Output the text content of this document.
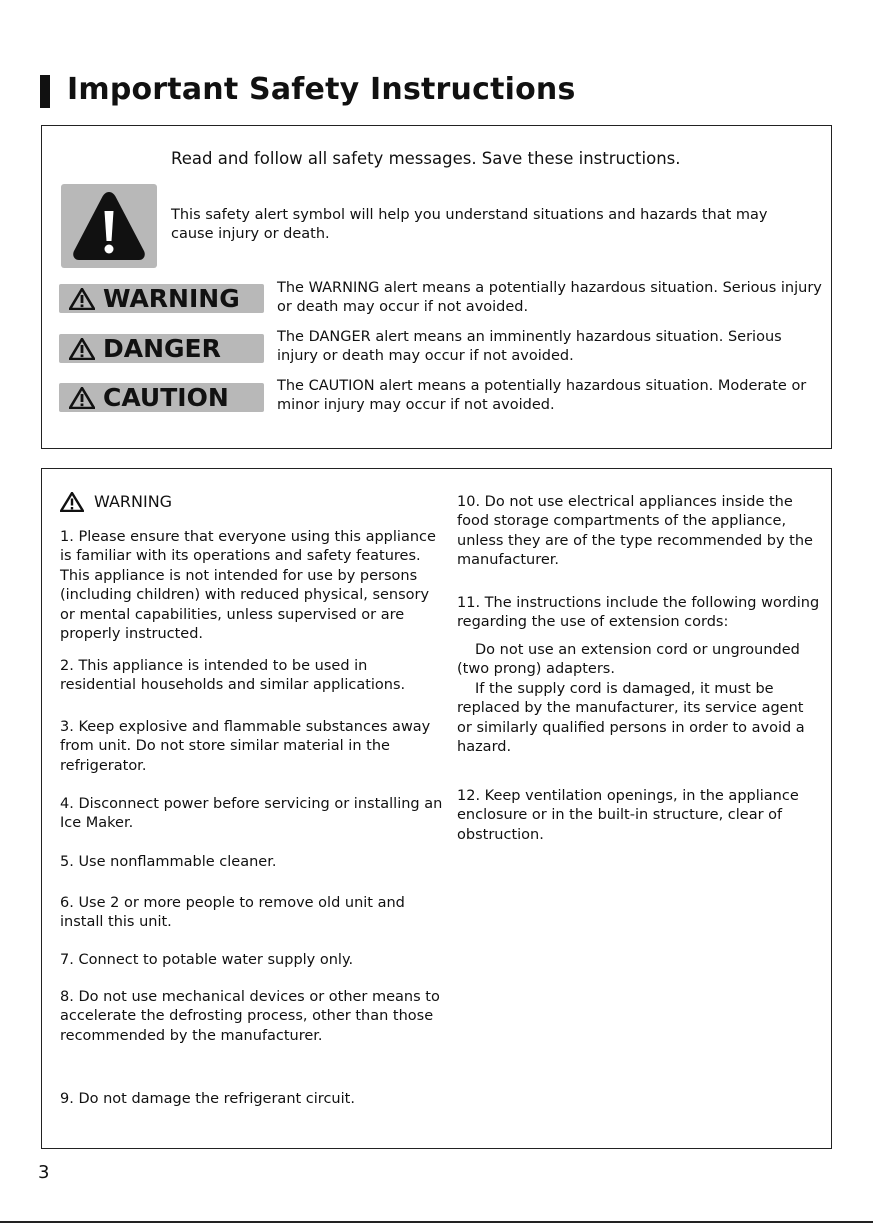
Important Safety Instructions

Read and follow all safety messages. Save these instructions.

This safety alert symbol will help you understand situations and hazards that may cause injury or death.

WARNING	The WARNING alert means a potentially hazardous situation. Serious injury or death may occur if not avoided.

DANGER	The DANGER alert means an imminently hazardous situation. Serious injury or death may occur if not avoided.

CAUTION	The CAUTION alert means a potentially hazardous situation. Moderate or minor injury may occur if not avoided.

WARNING

1. Please ensure that everyone using this appliance is familiar with its operations and safety features. This appliance is not intended for use by persons (including children) with reduced physical, sensory or mental capabilities, unless supervised or are properly instructed.

2. This appliance is intended to be used in residential households and similar applications.

3. Keep explosive and flammable substances away from unit. Do not store similar material in the refrigerator.

4. Disconnect power before servicing or installing an Ice Maker.

5. Use nonflammable cleaner.

6. Use 2 or more people to remove old unit and install this unit.

7. Connect to potable water supply only.

8. Do not use mechanical devices or other means to accelerate the defrosting process, other than those recommended by the manufacturer.

9. Do not damage the refrigerant circuit.

10. Do not use electrical appliances inside the food storage compartments of the appliance, unless they are of the type recommended by the manufacturer.

11. The instructions include the following wording regarding the use of extension cords:

Do not use an extension cord or ungrounded (two prong) adapters.

If the supply cord is damaged, it must be replaced by the manufacturer, its service agent or similarly qualified persons in order to avoid a hazard.

12. Keep ventilation openings, in the appliance enclosure or in the built-in structure, clear of obstruction.

3
